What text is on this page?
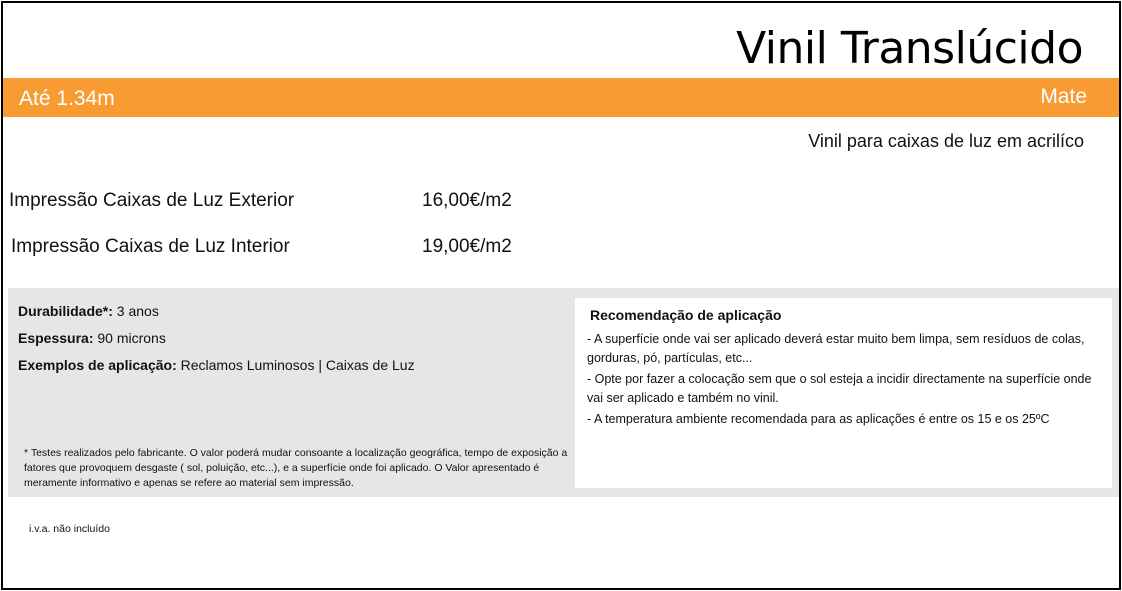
Vinil Translúcido
Até 1.34m	Mate
Vinil para caixas de luz em acrilíco
Impressão Caixas de Luz Exterior	16,00€/m2
Impressão Caixas de Luz Interior	19,00€/m2
Durabilidade*: 3 anos
Espessura: 90 microns
Exemplos de aplicação: Reclamos Luminosos | Caixas de Luz
* Testes realizados pelo fabricante. O valor poderá mudar consoante a localização geográfica, tempo de exposição a fatores que provoquem desgaste ( sol, poluição, etc...), e a superfície onde foi aplicado. O Valor apresentado é meramente informativo e apenas se refere ao material sem impressão.
Recomendação de aplicação

- A superfície onde vai ser aplicado deverá estar muito bem limpa, sem resíduos de colas, gorduras, pó, partículas, etc...

- Opte por fazer a colocação sem que o sol esteja a incidir directamente na superfície onde vai ser aplicado e também no vinil.

- A temperatura ambiente recomendada para as aplicações é entre os 15 e os 25ºC

i.v.a. não incluído
